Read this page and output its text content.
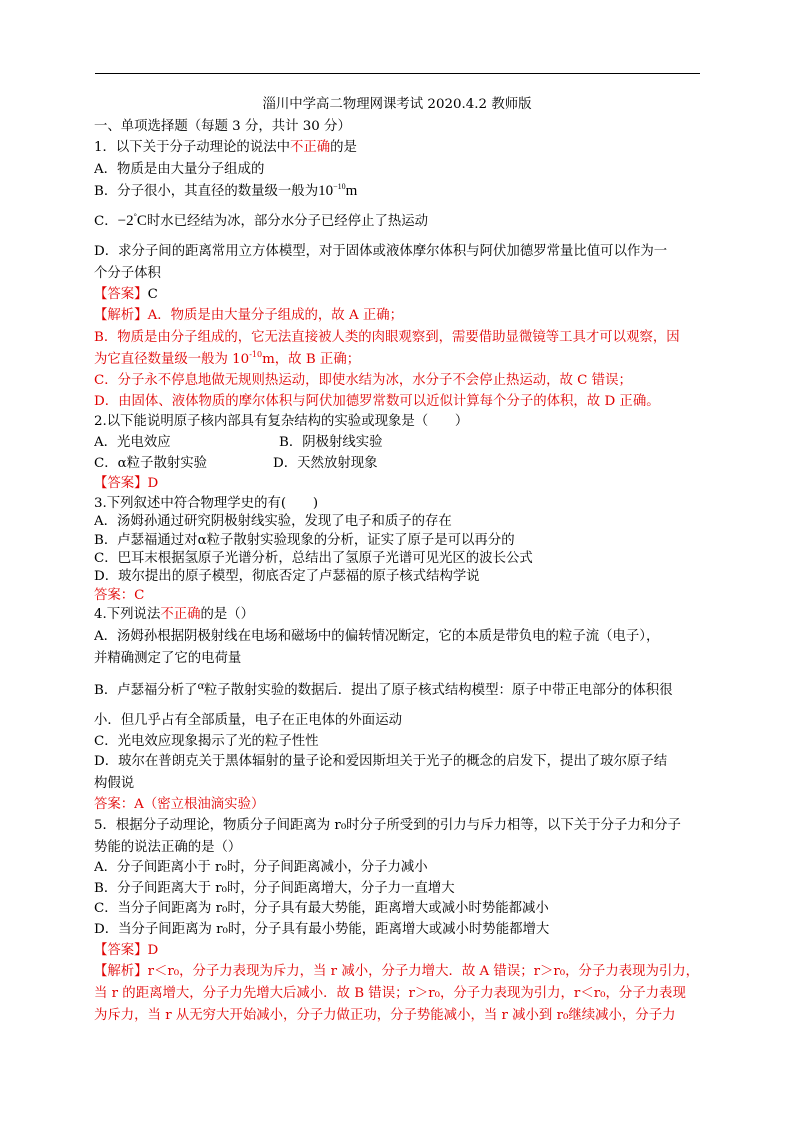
淄川中学高二物理网课考试 2020.4.2 教师版
一、单项选择题（每题 3 分，共计 30 分）
1．以下关于分子动理论的说法中不正确的是
A．物质是由大量分子组成的
B．分子很小，其直径的数量级一般为$10^{-10}m$
C．−2°C时水已经结为冰，部分水分子已经停止了热运动
D．求分子间的距离常用立方体模型，对于固体或液体摩尔体积与阿伏加德罗常量比值可以作为一
个分子体积
【答案】C
【解析】A．物质是由大量分子组成的，故 A 正确；
B．物质是由分子组成的，它无法直接被人类的肉眼观察到，需要借助显微镜等工具才可以观察，因
为它直径数量级一般为 $10^{-10}m$，故 B 正确；
C．分子永不停息地做无规则热运动，即使水结为冰，水分子不会停止热运动，故 C 错误；
D．由固体、液体物质的摩尔体积与阿伏加德罗常数可以近似计算每个分子的体积，故 D 正确。
2.以下能说明原子核内部具有复杂结构的实验或现象是（　　）
A．光电效应	B．阴极射线实验
C．α粒子散射实验	D．天然放射现象
【答案】D
3.下列叙述中符合物理学史的有(　　)
A．汤姆孙通过研究阴极射线实验，发现了电子和质子的存在
B．卢瑟福通过对α粒子散射实验现象的分析，证实了原子是可以再分的
C．巴耳末根据氢原子光谱分析，总结出了氢原子光谱可见光区的波长公式
D．玻尔提出的原子模型，彻底否定了卢瑟福的原子核式结构学说
答案：C
4.下列说法不正确的是（）
A．汤姆孙根据阴极射线在电场和磁场中的偏转情况断定，它的本质是带负电的粒子流（电子），
并精确测定了它的电荷量
B．卢瑟福分析了$^\alpha$粒子散射实验的数据后．提出了原子核式结构模型：原子中带正电部分的体积很
小．但几乎占有全部质量，电子在正电体的外面运动
C．光电效应现象揭示了光的粒子性性
D．玻尔在普朗克关于黑体辐射的量子论和爱因斯坦关于光子的概念的启发下，提出了玻尔原子结
构假说
答案：A（密立根油滴实验）
5．根据分子动理论，物质分子间距离为 r₀时分子所受到的引力与斥力相等，以下关于分子力和分子
势能的说法正确的是（）
A．分子间距离小于 r₀时，分子间距离减小，分子力减小
B．分子间距离大于 r₀时，分子间距离增大，分子力一直增大
C．当分子间距离为 r₀时，分子具有最大势能，距离增大或减小时势能都减小
D．当分子间距离为 r₀时，分子具有最小势能，距离增大或减小时势能都增大
【答案】D
【解析】r＜r₀，分子力表现为斥力，当 r 减小，分子力增大．故 A 错误；r＞r₀，分子力表现为引力，
当 r 的距离增大，分子力先增大后减小．故 B 错误；r＞r₀，分子力表现为引力，r＜r₀，分子力表现
为斥力，当 r 从无穷大开始减小，分子力做正功，分子势能减小，当 r 减小到 r₀继续减小，分子力
